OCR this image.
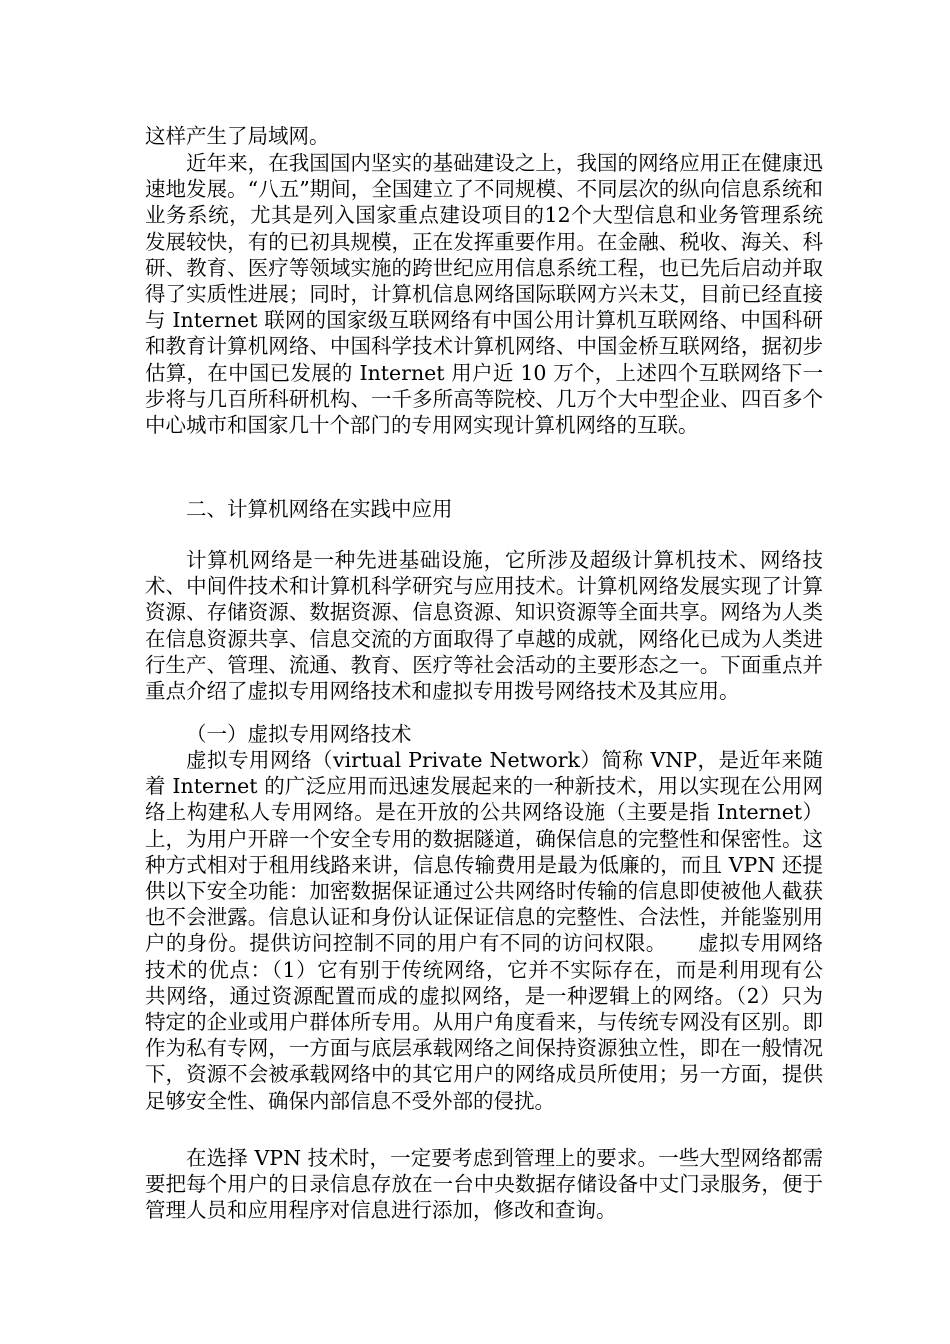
这样产生了局域网。

近年来，在我国国内坚实的基础建设之上，我国的网络应用正在健康迅速地发展。“八五”期间，全国建立了不同规模、不同层次的纵向信息系统和业务系统，尤其是列入国家重点建设项目的12个大型信息和业务管理系统发展较快，有的已初具规模，正在发挥重要作用。在金融、税收、海关、科研、教育、医疗等领域实施的跨世纪应用信息系统工程，也已先后启动并取得了实质性进展；同时，计算机信息网络国际联网方兴未艾，目前已经直接与 Internet 联网的国家级互联网络有中国公用计算机互联网络、中国科研和教育计算机网络、中国科学技术计算机网络、中国金桥互联网络，据初步估算，在中国已发展的 Internet 用户近 10 万个，上述四个互联网络下一步将与几百所科研机构、一千多所高等院校、几万个大中型企业、四百多个中心城市和国家几十个部门的专用网实现计算机网络的互联。

二、计算机网络在实践中应用

计算机网络是一种先进基础设施，它所涉及超级计算机技术、网络技术、中间件技术和计算机科学研究与应用技术。计算机网络发展实现了计算资源、存储资源、数据资源、信息资源、知识资源等全面共享。网络为人类在信息资源共享、信息交流的方面取得了卓越的成就，网络化已成为人类进行生产、管理、流通、教育、医疗等社会活动的主要形态之一。下面重点并重点介绍了虚拟专用网络技术和虚拟专用拨号网络技术及其应用。

（一）虚拟专用网络技术

虚拟专用网络（virtual Private Network）简称 VNP，是近年来随着 Internet 的广泛应用而迅速发展起来的一种新技术，用以实现在公用网络上构建私人专用网络。是在开放的公共网络设施（主要是指 Internet）上，为用户开辟一个安全专用的数据隧道，确保信息的完整性和保密性。这种方式相对于租用线路来讲，信息传输费用是最为低廉的，而且 VPN 还提供以下安全功能：加密数据保证通过公共网络时传输的信息即使被他人截获也不会泄露。信息认证和身份认证保证信息的完整性、合法性，并能鉴别用户的身份。提供访问控制不同的用户有不同的访问权限。　　虚拟专用网络技术的优点：（1）它有别于传统网络，它并不实际存在，而是利用现有公共网络，通过资源配置而成的虚拟网络，是一种逻辑上的网络。（2）只为特定的企业或用户群体所专用。从用户角度看来，与传统专网没有区别。即作为私有专网，一方面与底层承载网络之间保持资源独立性，即在一般情况下，资源不会被承载网络中的其它用户的网络成员所使用；另一方面，提供足够安全性、确保内部信息不受外部的侵扰。

在选择 VPN 技术时，一定要考虑到管理上的要求。一些大型网络都需要把每个用户的日录信息存放在一台中央数据存储设备中丈门录服务，便于管理人员和应用程序对信息进行添加，修改和查询。
